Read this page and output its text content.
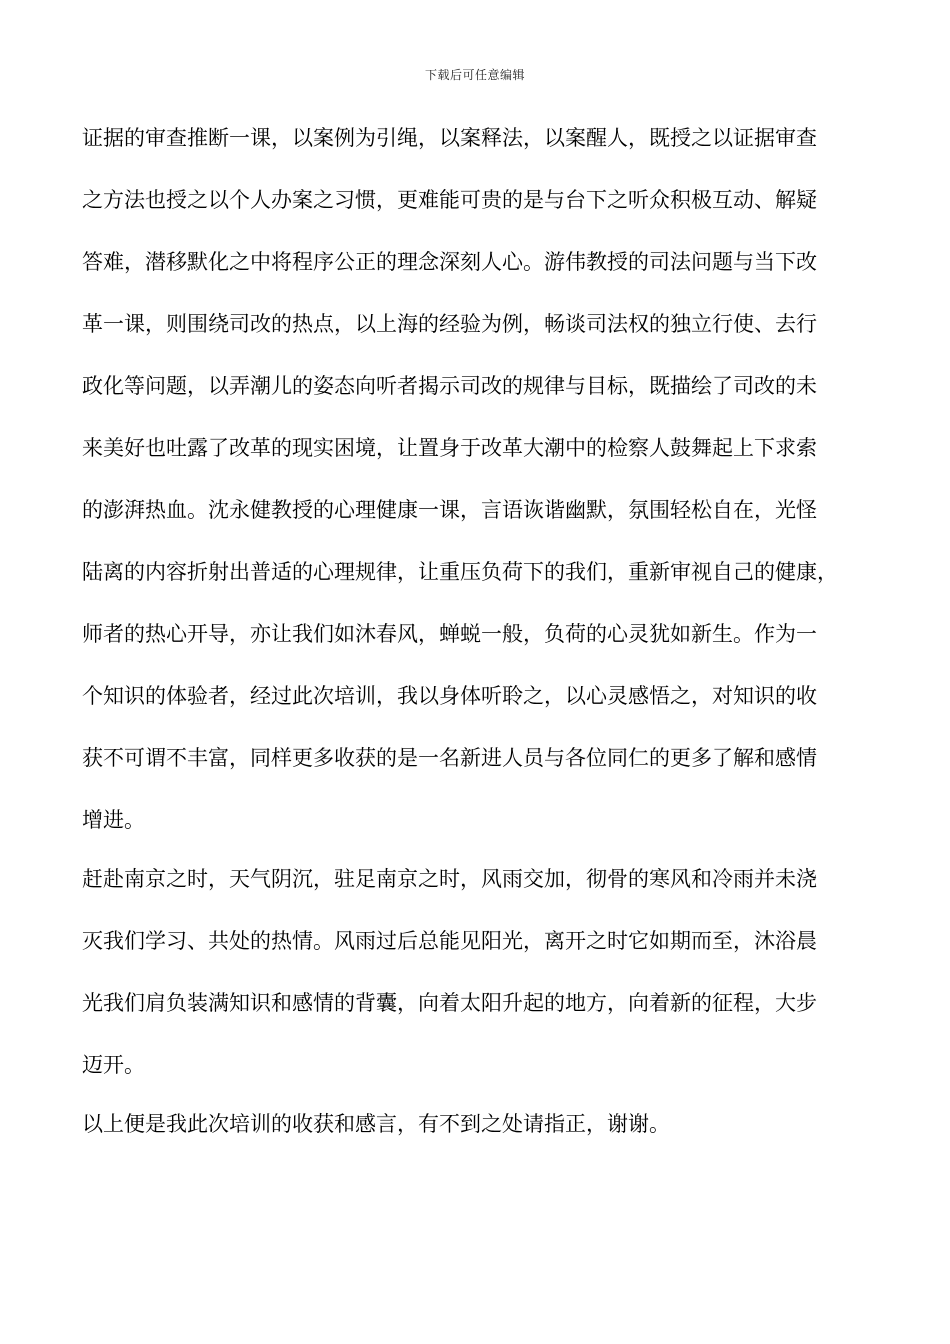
下载后可任意编辑
证据的审查推断一课，以案例为引绳，以案释法，以案醒人，既授之以证据审查
之方法也授之以个人办案之习惯，更难能可贵的是与台下之听众积极互动、解疑
答难，潜移默化之中将程序公正的理念深刻人心。游伟教授的司法问题与当下改
革一课，则围绕司改的热点，以上海的经验为例，畅谈司法权的独立行使、去行
政化等问题，以弄潮儿的姿态向听者揭示司改的规律与目标，既描绘了司改的未
来美好也吐露了改革的现实困境，让置身于改革大潮中的检察人鼓舞起上下求索
的澎湃热血。沈永健教授的心理健康一课，言语诙谐幽默，氛围轻松自在，光怪
陆离的内容折射出普适的心理规律，让重压负荷下的我们，重新审视自己的健康，
师者的热心开导，亦让我们如沐春风，蝉蜕一般，负荷的心灵犹如新生。作为一
个知识的体验者，经过此次培训，我以身体听聆之，以心灵感悟之，对知识的收
获不可谓不丰富，同样更多收获的是一名新进人员与各位同仁的更多了解和感情
增进。
赶赴南京之时，天气阴沉，驻足南京之时，风雨交加，彻骨的寒风和冷雨并未浇
灭我们学习、共处的热情。风雨过后总能见阳光，离开之时它如期而至，沐浴晨
光我们肩负装满知识和感情的背囊，向着太阳升起的地方，向着新的征程，大步
迈开。
以上便是我此次培训的收获和感言，有不到之处请指正，谢谢。
